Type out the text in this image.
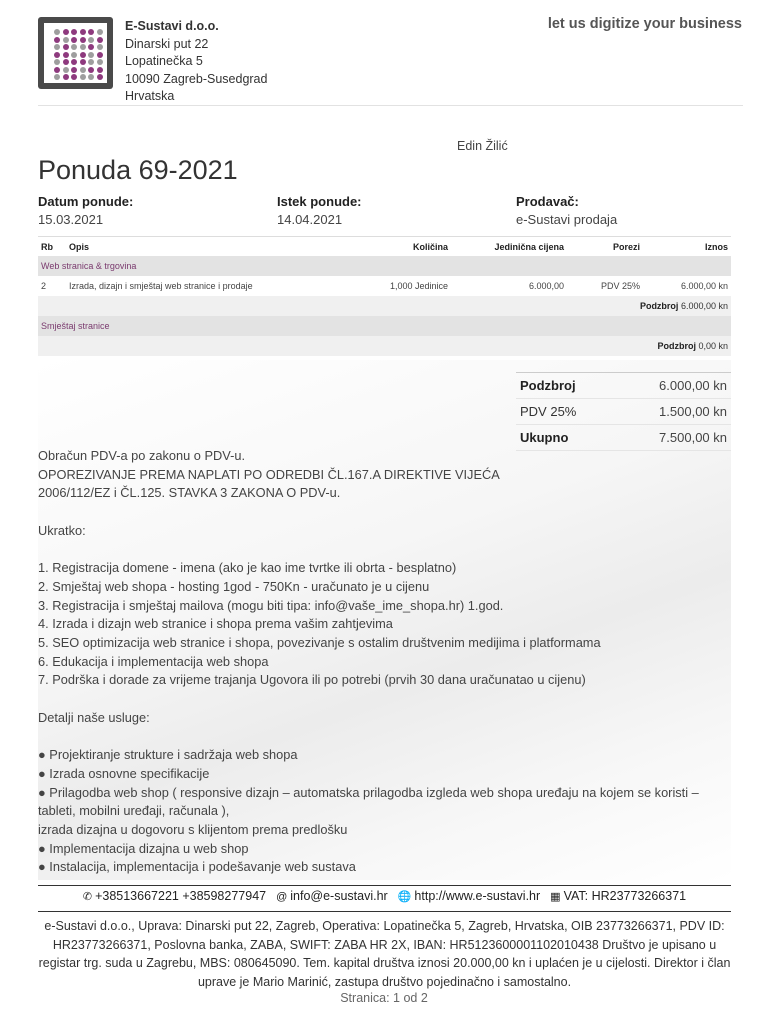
E-Sustavi d.o.o.
Dinarski put 22
Lopatinečka 5
10090 Zagreb-Susedgrad
Hrvatska
let us digitize your business
Edin Žilić
Ponuda 69-2021
Datum ponude:
15.03.2021
Istek ponude:
14.04.2021
Prodavač:
e-Sustavi prodaja
Rb	Opis	Količina	Jedinična cijena	Porezi	Iznos
Web stranica & trgovina					
2	Izrada, dizajn i smještaj web stranice i prodaje	1,000 Jedinice	6.000,00	PDV 25%	6.000,00 kn
Podzbroj 6.000,00 kn					
Smještaj stranice					
Podzbroj 0,00 kn					
Podzbroj	6.000,00 kn
PDV 25%	1.500,00 kn
Ukupno	7.500,00 kn
Obračun PDV-a po zakonu o PDV-u.
OPOREZIVANJE PREMA NAPLATI PO ODREDBI ČL.167.A DIREKTIVE VIJEĆA
2006/112/EZ i ČL.125. STAVKA 3 ZAKONA O PDV-u.

Ukratko:

1. Registracija domene - imena (ako je kao ime tvrtke ili obrta - besplatno)
2. Smještaj web shopa - hosting 1god - 750Kn - uračunato je u cijenu
3. Registracija i smještaj mailova (mogu biti tipa: info@vaše_ime_shopa.hr) 1.god.
4. Izrada i dizajn web stranice i shopa prema vašim zahtjevima
5. SEO optimizacija web stranice i shopa, povezivanje s ostalim društvenim medijima i platformama
6. Edukacija i implementacija web shopa
7. Podrška i dorade za vrijeme trajanja Ugovora ili po potrebi (prvih 30 dana uračunatao u cijenu)

Detalji naše usluge:

● Projektiranje strukture i sadržaja web shopa
● Izrada osnovne specifikacije
● Prilagodba web shop ( responsive dizajn – automatska prilagodba izgleda web shopa uređaju na kojem se koristi –
tableti, mobilni uređaji, računala ),
izrada dizajna u dogovoru s klijentom prema predlošku
● Implementacija dizajna u web shop
● Instalacija, implementacija i podešavanje web sustava
✆ +38513667221 +38598277947 @ info@e-sustavi.hr 🌐 http://www.e-sustavi.hr ▦ VAT: HR23773266371
e-Sustavi d.o.o., Uprava: Dinarski put 22, Zagreb, Operativa: Lopatinečka 5, Zagreb, Hrvatska, OIB 23773266371, PDV ID: HR23773266371, Poslovna banka, ZABA, SWIFT: ZABA HR 2X, IBAN: HR5123600001102010438 Društvo je upisano u registar trg. suda u Zagrebu, MBS: 080645090. Tem. kapital društva iznosi 20.000,00 kn i uplaćen je u cijelosti. Direktor i član uprave je Mario Marinić, zastupa društvo pojedinačno i samostalno.
Stranica: 1 od 2
